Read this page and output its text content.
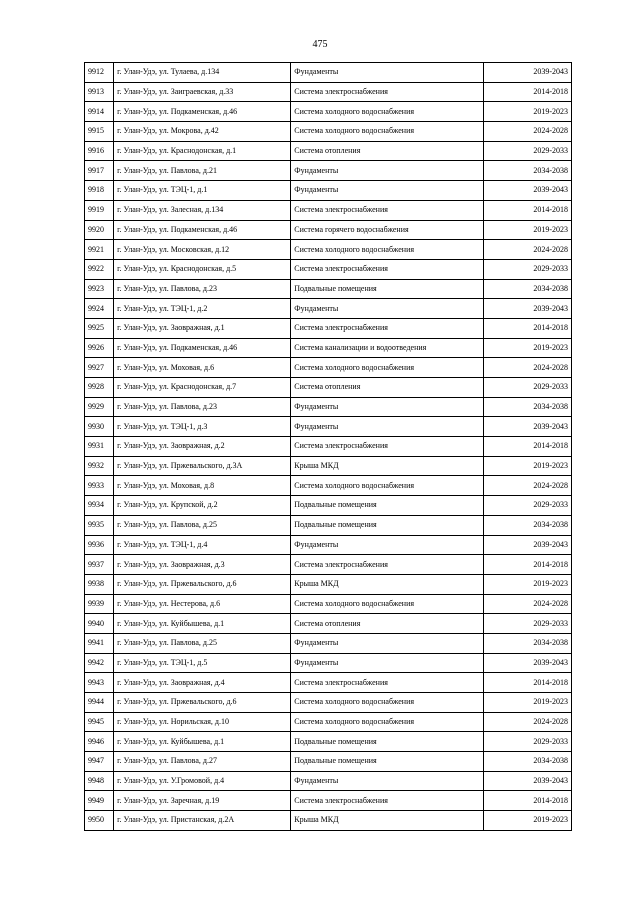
475
9912	г. Улан-Удэ, ул. Тулаева, д.134	Фундаменты	2039-2043
9913	г. Улан-Удэ, ул. Заиграевская, д.33	Система электроснабжения	2014-2018
9914	г. Улан-Удэ, ул. Подкаменская, д.46	Система холодного водоснабжения	2019-2023
9915	г. Улан-Удэ, ул. Мокрова, д.42	Система холодного водоснабжения	2024-2028
9916	г. Улан-Удэ, ул. Краснодонская, д.1	Система отопления	2029-2033
9917	г. Улан-Удэ, ул. Павлова, д.21	Фундаменты	2034-2038
9918	г. Улан-Удэ, ул. ТЭЦ-1, д.1	Фундаменты	2039-2043
9919	г. Улан-Удэ, ул. Залесная, д.134	Система электроснабжения	2014-2018
9920	г. Улан-Удэ, ул. Подкаменская, д.46	Система горячего водоснабжения	2019-2023
9921	г. Улан-Удэ, ул. Московская, д.12	Система холодного водоснабжения	2024-2028
9922	г. Улан-Удэ, ул. Краснодонская, д.5	Система электроснабжения	2029-2033
9923	г. Улан-Удэ, ул. Павлова, д.23	Подвальные помещения	2034-2038
9924	г. Улан-Удэ, ул. ТЭЦ-1, д.2	Фундаменты	2039-2043
9925	г. Улан-Удэ, ул. Заовражная, д.1	Система электроснабжения	2014-2018
9926	г. Улан-Удэ, ул. Подкаменская, д.46	Система канализации и водоотведения	2019-2023
9927	г. Улан-Удэ, ул. Моховая, д.6	Система холодного водоснабжения	2024-2028
9928	г. Улан-Удэ, ул. Краснодонская, д.7	Система отопления	2029-2033
9929	г. Улан-Удэ, ул. Павлова, д.23	Фундаменты	2034-2038
9930	г. Улан-Удэ, ул. ТЭЦ-1, д.3	Фундаменты	2039-2043
9931	г. Улан-Удэ, ул. Заовражная, д.2	Система электроснабжения	2014-2018
9932	г. Улан-Удэ, ул. Пржевальского, д.3А	Крыша МКД	2019-2023
9933	г. Улан-Удэ, ул. Моховая, д.8	Система холодного водоснабжения	2024-2028
9934	г. Улан-Удэ, ул. Крупской, д.2	Подвальные помещения	2029-2033
9935	г. Улан-Удэ, ул. Павлова, д.25	Подвальные помещения	2034-2038
9936	г. Улан-Удэ, ул. ТЭЦ-1, д.4	Фундаменты	2039-2043
9937	г. Улан-Удэ, ул. Заовражная, д.3	Система электроснабжения	2014-2018
9938	г. Улан-Удэ, ул. Пржевальского, д.6	Крыша МКД	2019-2023
9939	г. Улан-Удэ, ул. Нестерова, д.6	Система холодного водоснабжения	2024-2028
9940	г. Улан-Удэ, ул. Куйбышева, д.1	Система отопления	2029-2033
9941	г. Улан-Удэ, ул. Павлова, д.25	Фундаменты	2034-2038
9942	г. Улан-Удэ, ул. ТЭЦ-1, д.5	Фундаменты	2039-2043
9943	г. Улан-Удэ, ул. Заовражная, д.4	Система электроснабжения	2014-2018
9944	г. Улан-Удэ, ул. Пржевальского, д.6	Система холодного водоснабжения	2019-2023
9945	г. Улан-Удэ, ул. Норильская, д.10	Система холодного водоснабжения	2024-2028
9946	г. Улан-Удэ, ул. Куйбышева, д.1	Подвальные помещения	2029-2033
9947	г. Улан-Удэ, ул. Павлова, д.27	Подвальные помещения	2034-2038
9948	г. Улан-Удэ, ул. У.Громовой, д.4	Фундаменты	2039-2043
9949	г. Улан-Удэ, ул. Заречная, д.19	Система электроснабжения	2014-2018
9950	г. Улан-Удэ, ул. Пристанская, д.2А	Крыша МКД	2019-2023
